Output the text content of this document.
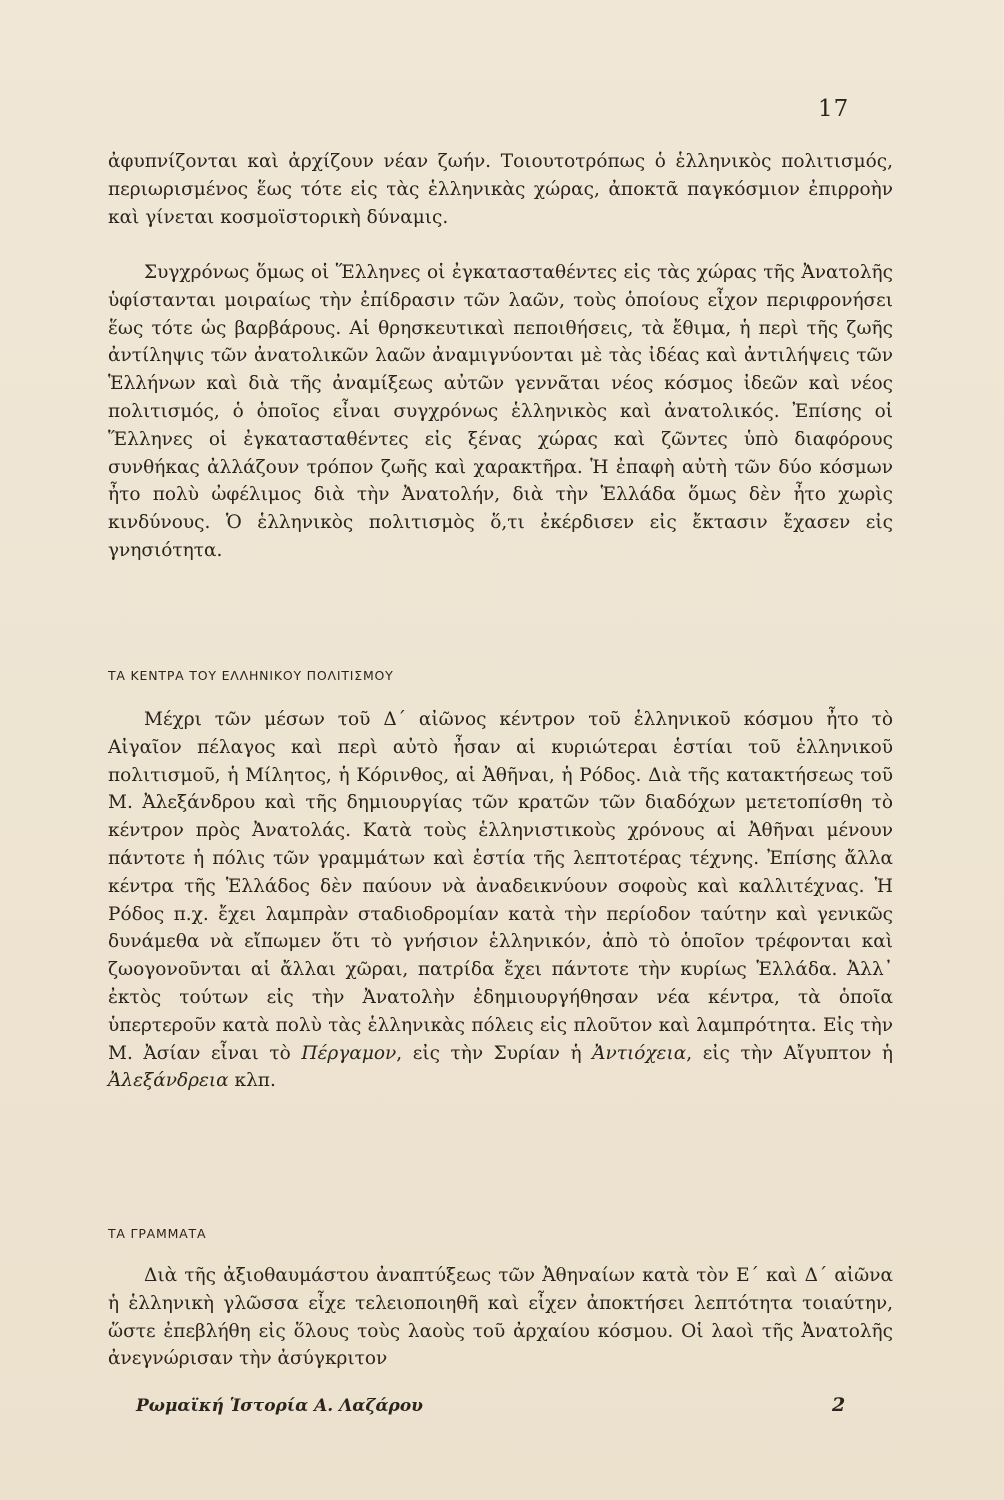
17

ἀφυπνίζονται καὶ ἀρχίζουν νέαν ζωήν. Τοιουτοτρόπως ὁ ἑλληνικὸς πολιτισμός, περιωρισμένος ἕως τότε εἰς τὰς ἑλληνικὰς χώρας, ἀποκτᾶ παγκόσμιον ἐπιρροὴν καὶ γίνεται κοσμοϊστορικὴ δύναμις.

Συγχρόνως ὅμως οἱ Ἕλληνες οἱ ἐγκατασταθέντες εἰς τὰς χώρας τῆς Ἀνατολῆς ὑφίστανται μοιραίως τὴν ἐπίδρασιν τῶν λαῶν, τοὺς ὁποίους εἶχον περιφρονήσει ἕως τότε ὡς βαρβάρους. Αἱ θρησκευτικαὶ πεποιθήσεις, τὰ ἔθιμα, ἡ περὶ τῆς ζωῆς ἀντίληψις τῶν ἀνατολικῶν λαῶν ἀναμιγνύονται μὲ τὰς ἰδέας καὶ ἀντιλήψεις τῶν Ἑλλήνων καὶ διὰ τῆς ἀναμίξεως αὐτῶν γεννᾶται νέος κόσμος ἰδεῶν καὶ νέος πολιτισμός, ὁ ὁποῖος εἶναι συγχρόνως ἑλληνικὸς καὶ ἀνατολικός. Ἐπίσης οἱ Ἕλληνες οἱ ἐγκατασταθέντες εἰς ξένας χώρας καὶ ζῶντες ὑπὸ διαφόρους συνθήκας ἀλλάζουν τρόπον ζωῆς καὶ χαρακτῆρα. Ἡ ἐπαφὴ αὐτὴ τῶν δύο κόσμων ἦτο πολὺ ὠφέλιμος διὰ τὴν Ἀνατολήν, διὰ τὴν Ἑλλάδα ὅμως δὲν ἦτο χωρὶς κινδύνους. Ὁ ἑλληνικὸς πολιτισμὸς ὅ,τι ἐκέρδισεν εἰς ἔκτασιν ἔχασεν εἰς γνησιότητα.

ΤΑ ΚΕΝΤΡΑ ΤΟΥ ΕΛΛΗΝΙΚΟΥ ΠΟΛΙΤΙΣΜΟΥ

Μέχρι τῶν μέσων τοῦ Δ΄ αἰῶνος κέντρον τοῦ ἑλληνικοῦ κόσμου ἦτο τὸ Αἰγαῖον πέλαγος καὶ περὶ αὐτὸ ἦσαν αἱ κυριώτεραι ἑστίαι τοῦ ἑλληνικοῦ πολιτισμοῦ, ἡ Μίλητος, ἡ Κόρινθος, αἱ Ἀθῆναι, ἡ Ρόδος. Διὰ τῆς κατακτήσεως τοῦ Μ. Ἀλεξάνδρου καὶ τῆς δημιουργίας τῶν κρατῶν τῶν διαδόχων μετετοπίσθη τὸ κέντρον πρὸς Ἀνατολάς. Κατὰ τοὺς ἑλληνιστικοὺς χρόνους αἱ Ἀθῆναι μένουν πάντοτε ἡ πόλις τῶν γραμμάτων καὶ ἑστία τῆς λεπτοτέρας τέχνης. Ἐπίσης ἄλλα κέντρα τῆς Ἑλλάδος δὲν παύουν νὰ ἀναδεικνύουν σοφοὺς καὶ καλλιτέχνας. Ἡ Ρόδος π.χ. ἔχει λαμπρὰν σταδιοδρομίαν κατὰ τὴν περίοδον ταύτην καὶ γενικῶς δυνάμεθα νὰ εἴπωμεν ὅτι τὸ γνήσιον ἑλληνικόν, ἀπὸ τὸ ὁποῖον τρέφονται καὶ ζωογονοῦνται αἱ ἄλλαι χῶραι, πατρίδα ἔχει πάντοτε τὴν κυρίως Ἑλλάδα. Ἀλλ᾿ ἐκτὸς τούτων εἰς τὴν Ἀνατολὴν ἐδημιουργήθησαν νέα κέντρα, τὰ ὁποῖα ὑπερτεροῦν κατὰ πολὺ τὰς ἑλληνικὰς πόλεις εἰς πλοῦτον καὶ λαμπρότητα. Εἰς τὴν Μ. Ἀσίαν εἶναι τὸ Πέργαμον, εἰς τὴν Συρίαν ἡ Ἀντιόχεια, εἰς τὴν Αἴγυπτον ἡ Ἀλεξάνδρεια κλπ.

ΤΑ ΓΡΑΜΜΑΤΑ

Διὰ τῆς ἀξιοθαυμάστου ἀναπτύξεως τῶν Ἀθηναίων κατὰ τὸν Ε΄ καὶ Δ΄ αἰῶνα ἡ ἑλληνικὴ γλῶσσα εἶχε τελειοποιηθῆ καὶ εἶχεν ἀποκτήσει λεπτότητα τοιαύτην, ὥστε ἐπεβλήθη εἰς ὅλους τοὺς λαοὺς τοῦ ἀρχαίου κόσμου. Οἱ λαοὶ τῆς Ἀνατολῆς ἀνεγνώρισαν τὴν ἀσύγκριτον

Ρωμαϊκή Ἱστορία Α. Λαζάρου	2
